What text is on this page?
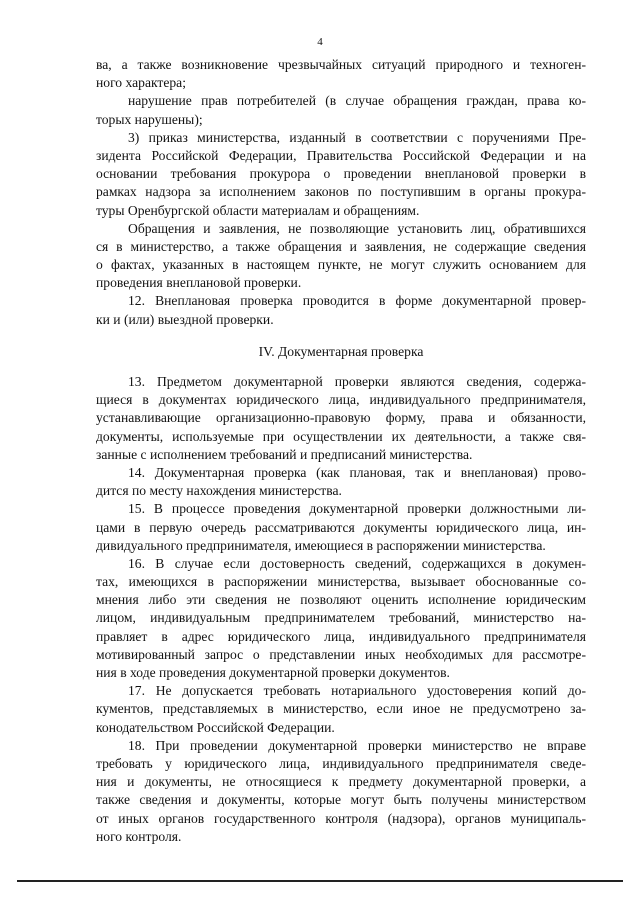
4
ва, а также возникновение чрезвычайных ситуаций природного и техноген-
ного характера;
нарушение прав потребителей (в случае обращения граждан, права ко-
торых нарушены);
3) приказ министерства, изданный в соответствии с поручениями Пре-
зидента Российской Федерации, Правительства Российской Федерации и на
основании требования прокурора о проведении внеплановой проверки в
рамках надзора за исполнением законов по поступившим в органы прокура-
туры Оренбургской области материалам и обращениям.
Обращения и заявления, не позволяющие установить лиц, обратившихся
ся в министерство, а также обращения и заявления, не содержащие сведения
о фактах, указанных в настоящем пункте, не могут служить основанием для
проведения внеплановой проверки.
12. Внеплановая проверка проводится в форме документарной провер-
ки и (или) выездной проверки.
IV. Документарная проверка
13. Предметом документарной проверки являются сведения, содержа-
щиеся в документах юридического лица, индивидуального предпринимателя,
устанавливающие организационно-правовую форму, права и обязанности,
документы, используемые при осуществлении их деятельности, а также свя-
занные с исполнением требований и предписаний министерства.
14. Документарная проверка (как плановая, так и внеплановая) прово-
дится по месту нахождения министерства.
15. В процессе проведения документарной проверки должностными ли-
цами в первую очередь рассматриваются документы юридического лица, ин-
дивидуального предпринимателя, имеющиеся в распоряжении министерства.
16. В случае если достоверность сведений, содержащихся в докумен-
тах, имеющихся в распоряжении министерства, вызывает обоснованные со-
мнения либо эти сведения не позволяют оценить исполнение юридическим
лицом, индивидуальным предпринимателем требований, министерство на-
правляет в адрес юридического лица, индивидуального предпринимателя
мотивированный запрос о представлении иных необходимых для рассмотре-
ния в ходе проведения документарной проверки документов.
17. Не допускается требовать нотариального удостоверения копий до-
кументов, представляемых в министерство, если иное не предусмотрено за-
конодательством Российской Федерации.
18. При проведении документарной проверки министерство не вправе
требовать у юридического лица, индивидуального предпринимателя сведе-
ния и документы, не относящиеся к предмету документарной проверки, а
также сведения и документы, которые могут быть получены министерством
от иных органов государственного контроля (надзора), органов муниципаль-
ного контроля.
